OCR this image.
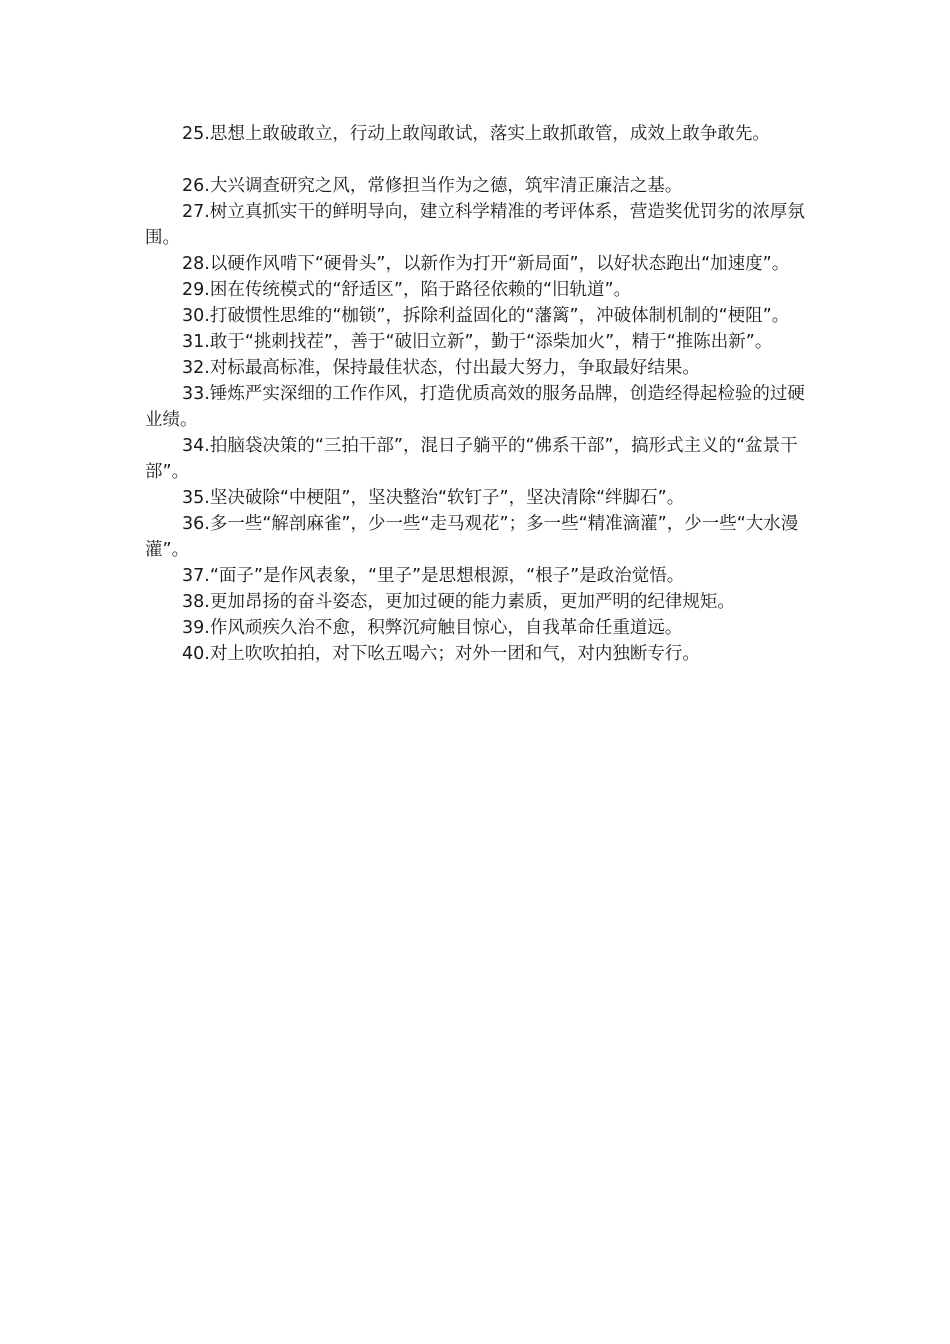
25.思想上敢破敢立，行动上敢闯敢试，落实上敢抓敢管，成效上敢争敢先。

26.大兴调查研究之风，常修担当作为之德，筑牢清正廉洁之基。

27.树立真抓实干的鲜明导向，建立科学精准的考评体系，营造奖优罚劣的浓厚氛围。

28.以硬作风啃下“硬骨头”，以新作为打开“新局面”，以好状态跑出“加速度”。

29.困在传统模式的“舒适区”，陷于路径依赖的“旧轨道”。

30.打破惯性思维的“枷锁”，拆除利益固化的“藩篱”，冲破体制机制的“梗阻”。

31.敢于“挑刺找茬”，善于“破旧立新”，勤于“添柴加火”，精于“推陈出新”。

32.对标最高标准，保持最佳状态，付出最大努力，争取最好结果。

33.锤炼严实深细的工作作风，打造优质高效的服务品牌，创造经得起检验的过硬业绩。

34.拍脑袋决策的“三拍干部”，混日子躺平的“佛系干部”，搞形式主义的“盆景干部”。

35.坚决破除“中梗阻”，坚决整治“软钉子”，坚决清除“绊脚石”。

36.多一些“解剖麻雀”，少一些“走马观花”；多一些“精准滴灌”，少一些“大水漫灌”。

37.“面子”是作风表象，“里子”是思想根源，“根子”是政治觉悟。

38.更加昂扬的奋斗姿态，更加过硬的能力素质，更加严明的纪律规矩。

39.作风顽疾久治不愈，积弊沉疴触目惊心，自我革命任重道远。

40.对上吹吹拍拍，对下吆五喝六；对外一团和气，对内独断专行。
